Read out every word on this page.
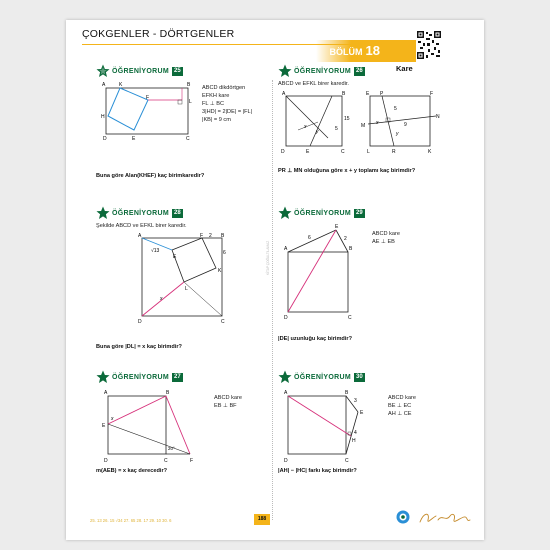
ÇOKGENLER - DÖRTGENLER
BÖLÜM 18
Kare
KİTAP ÇOĞALTILAMAZ
ÖĞRENİYORUM 25
A	K	B
F
L
H
D	E	C
ABCD dikdörtgen
EFKH kare
FL ⊥ BC
3|HD| = 2|DE| = |FL|
|KB| = 9 cm
Buna göre Alan(KHEF) kaç birimkaredir?
ÖĞRENİYORUM 26
ABCD ve EFKL birer karedir.
A	B
D	E	C
15
5
x
y
E P	F
M
N
L	R	K
5
9
x
y
PR ⊥ MN olduğuna göre x + y toplamı kaç birimdir?
ÖĞRENİYORUM 28
Şekilde ABCD ve EFKL birer karedir.
A	F 2 B
E
√13	6
K
L
x
D	C
Buna göre |DL| = x kaç birimdir?
ÖĞRENİYORUM 29
A	B
E
6	2
D	C
ABCD kare
AE ⊥ EB
|DE| uzunluğu kaç birimdir?
ÖĞRENİYORUM 27
A	B
E
x
20°
D	C	F
ABCD kare
EB ⊥ BF
m(AEB) = x kaç derecedir?
ÖĞRENİYORUM 30
A	B
3
E
4
H
D	C
ABCD kare
BE ⊥ EC
AH ⊥ CE
|AH| − |HC| farkı kaç birimdir?
25. 13 26. 15 √34 27. 65 28. 17 29. 10 30. 6	188
